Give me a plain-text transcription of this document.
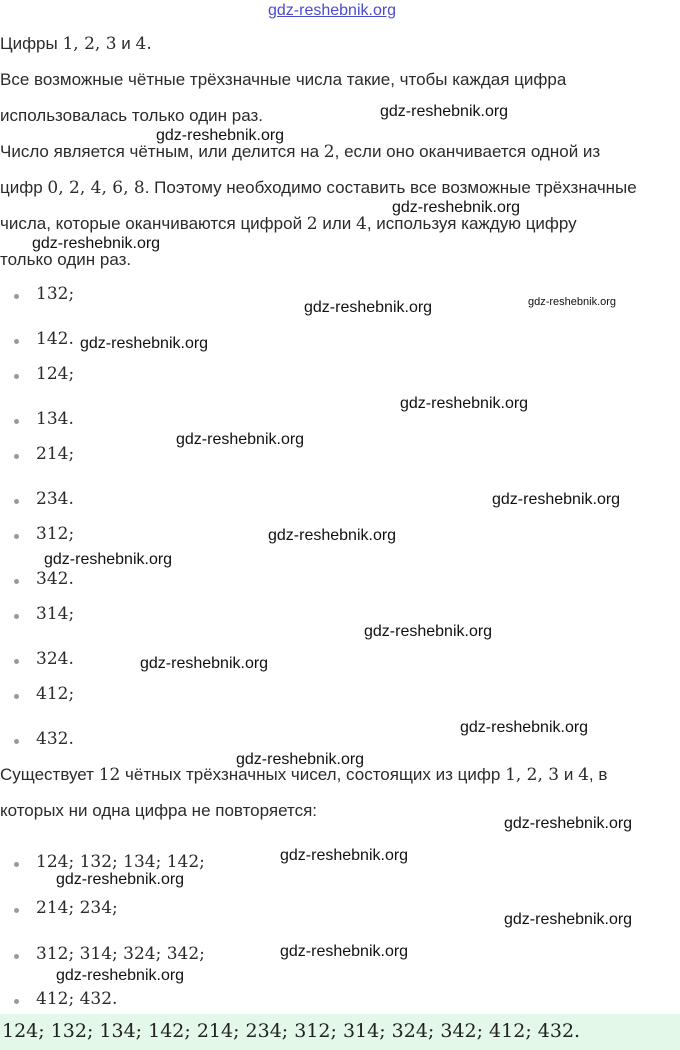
gdz-reshebnik.org
Цифры 1, 2, 3 и 4.
Все возможные чётные трёхзначные числа такие, чтобы каждая цифра
использовалась только один раз.
Число является чётным, или делится на 2, если оно оканчивается одной из
цифр 0, 2, 4, 6, 8. Поэтому необходимо составить все возможные трёхзначные
числа, которые оканчиваются цифрой 2 или 4, используя каждую цифру
только один раз.
132;
142.
124;
134.
214;
234.
312;
342.
314;
324.
412;
432.
Существует 12 чётных трёхзначных чисел, состоящих из цифр 1, 2, 3 и 4, в
которых ни одна цифра не повторяется:
124; 132; 134; 142;
214; 234;
312; 314; 324; 342;
412; 432.
124; 132; 134; 142; 214; 234; 312; 314; 324; 342; 412; 432.
gdz-reshebnik.org
gdz-reshebnik.org
gdz-reshebnik.org
gdz-reshebnik.org
gdz-reshebnik.org	gdz-reshebnik.org
gdz-reshebnik.org
gdz-reshebnik.org
gdz-reshebnik.org
gdz-reshebnik.org
gdz-reshebnik.org
gdz-reshebnik.org
gdz-reshebnik.org
gdz-reshebnik.org
gdz-reshebnik.org
gdz-reshebnik.org
gdz-reshebnik.org
gdz-reshebnik.org
gdz-reshebnik.org
gdz-reshebnik.org
gdz-reshebnik.org
gdz-reshebnik.org
